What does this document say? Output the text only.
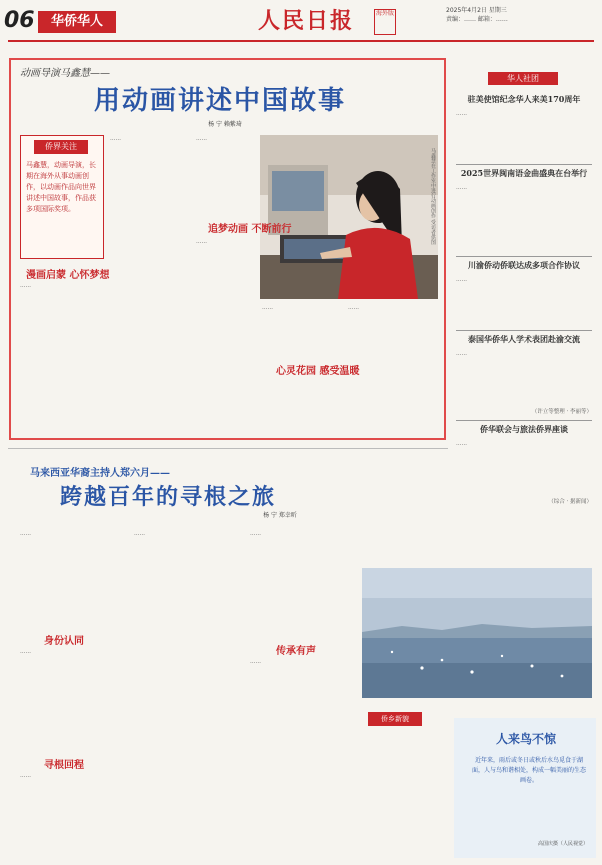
06	华侨华人	人民日报	海外版	2025年4月2日 星期三
责编：…… 邮箱：……
动画导演马鑫慧——
用动画讲述中国故事
杨 宁 赖紫琦
侨界关注
马鑫慧，动画导演，长期在海外从事动画创作，以动画作品向世界讲述中国故事，作品获多项国际奖项。	马鑫慧在工作室中进行动画创作 受访者供图
漫画启蒙 心怀梦想
……
……
追梦动画 不断前行
……
……
……
心灵花园 感受温暖
……
华人社团
驻美使馆纪念华人来美170周年
……
2025世界闽南语金曲盛典在台举行
……
川渝侨动侨联达成多项合作协议
……
泰国华侨华人学术表团赴渝交流
……
（许立等整理 · 李丽等）
侨华联会与旅法侨界座谈
……
（综合 · 据新闻）
马来西亚华裔主持人郑六月——
跨越百年的寻根之旅
杨 宁 郑幸昕
……
身份认同
……
寻根回程
……
……	……
传承有声
……
侨乡新貌
人来鸟不惊
近年来，雨后或冬日或秋后水鸟觅食于湖面，人与鸟和谐相处，构成一幅美丽的生态画卷。
高国庆摄（人民视觉）
